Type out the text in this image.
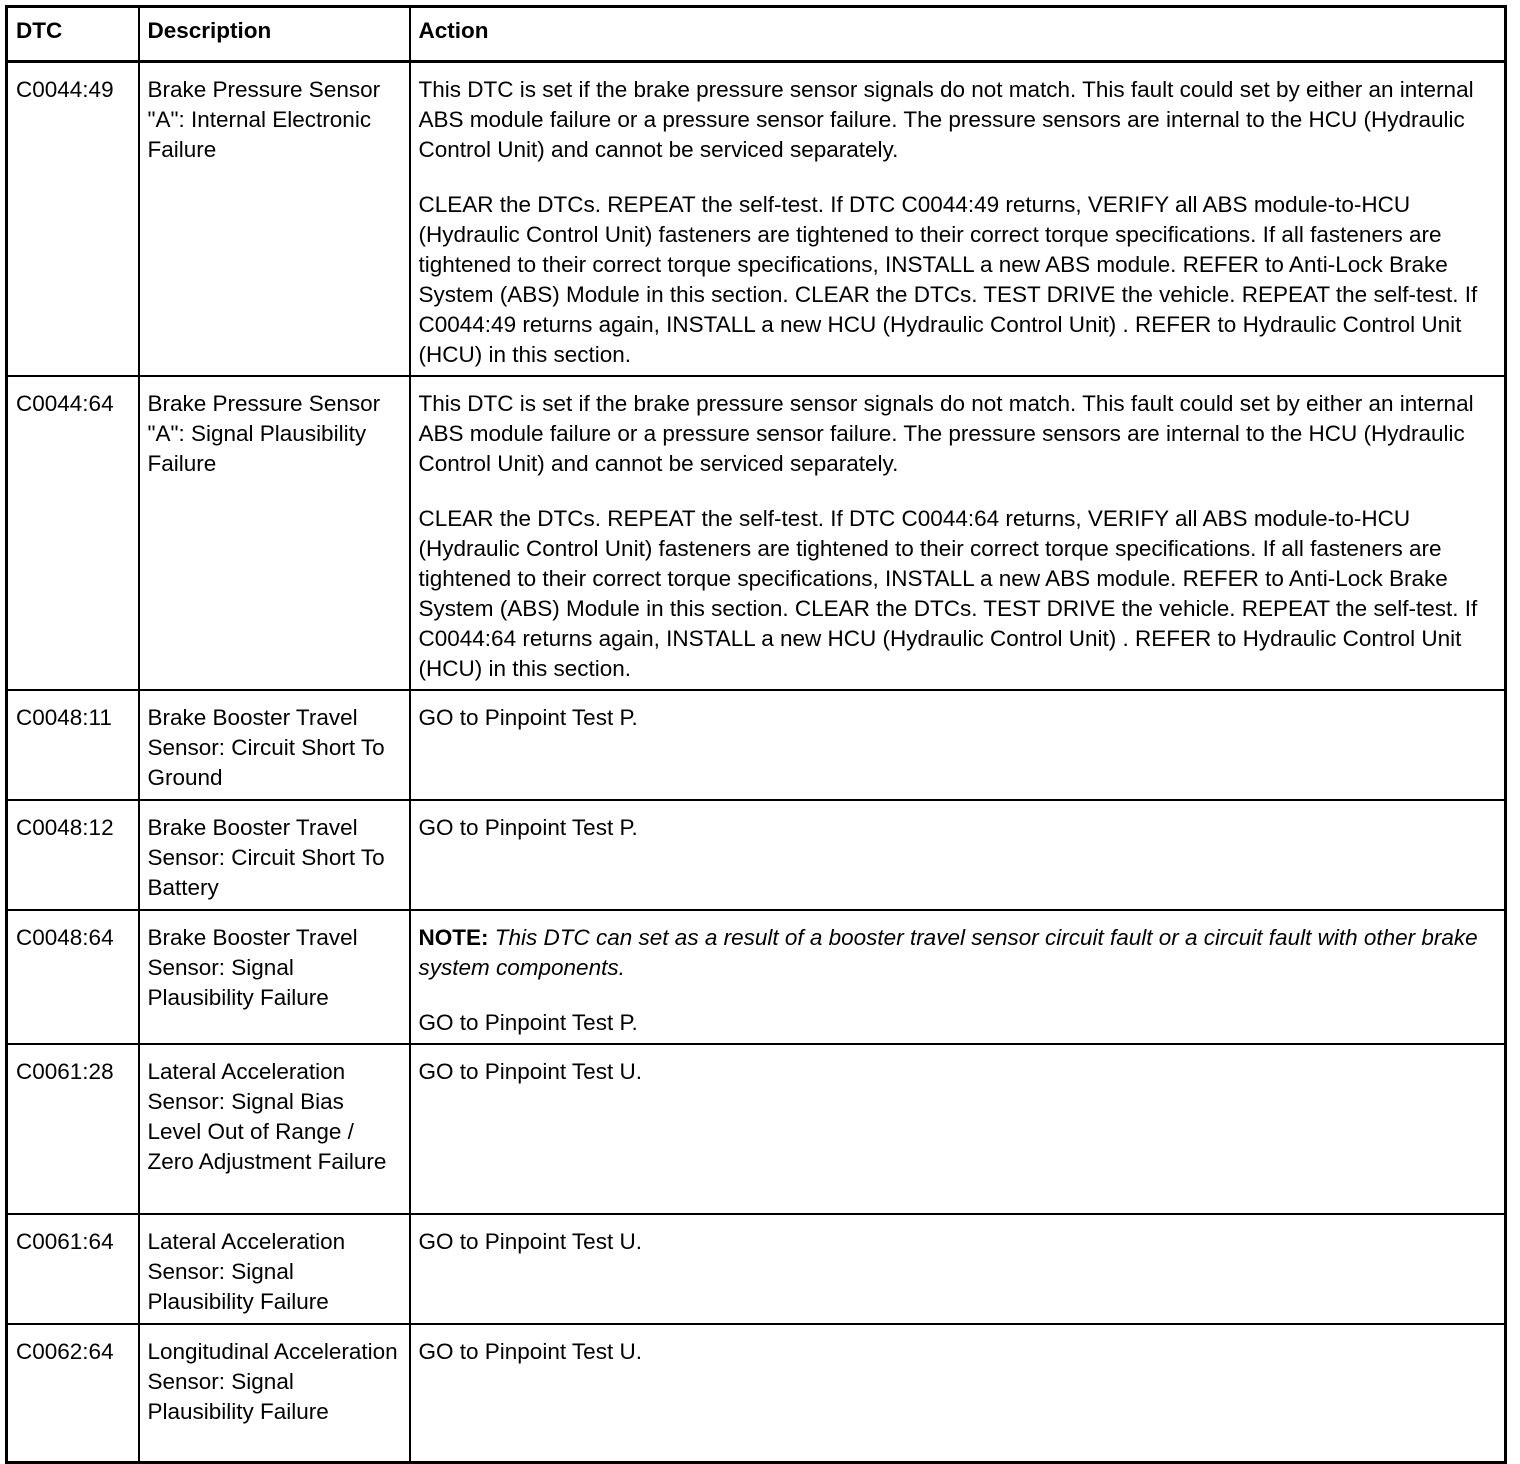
DTC	Description	Action
C0044:49	Brake Pressure Sensor "A": Internal Electronic Failure	This DTC is set if the brake pressure sensor signals do not match. This fault could set by either an internal ABS module failure or a pressure sensor failure. The pressure sensors are internal to the HCU (Hydraulic Control Unit) and cannot be serviced separately.

CLEAR the DTCs. REPEAT the self-test. If DTC C0044:49 returns, VERIFY all ABS module-to-HCU (Hydraulic Control Unit) fasteners are tightened to their correct torque specifications. If all fasteners are tightened to their correct torque specifications, INSTALL a new ABS module. REFER to Anti-Lock Brake System (ABS) Module in this section. CLEAR the DTCs. TEST DRIVE the vehicle. REPEAT the self-test. If C0044:49 returns again, INSTALL a new HCU (Hydraulic Control Unit) . REFER to Hydraulic Control Unit (HCU) in this section.

C0044:64	Brake Pressure Sensor "A": Signal Plausibility Failure	This DTC is set if the brake pressure sensor signals do not match. This fault could set by either an internal ABS module failure or a pressure sensor failure. The pressure sensors are internal to the HCU (Hydraulic Control Unit) and cannot be serviced separately.

CLEAR the DTCs. REPEAT the self-test. If DTC C0044:64 returns, VERIFY all ABS module-to-HCU (Hydraulic Control Unit) fasteners are tightened to their correct torque specifications. If all fasteners are tightened to their correct torque specifications, INSTALL a new ABS module. REFER to Anti-Lock Brake System (ABS) Module in this section. CLEAR the DTCs. TEST DRIVE the vehicle. REPEAT the self-test. If C0044:64 returns again, INSTALL a new HCU (Hydraulic Control Unit) . REFER to Hydraulic Control Unit (HCU) in this section.

C0048:11	Brake Booster Travel Sensor: Circuit Short To Ground	GO to Pinpoint Test P.

C0048:12	Brake Booster Travel Sensor: Circuit Short To Battery	GO to Pinpoint Test P.

C0048:64	Brake Booster Travel Sensor: Signal Plausibility Failure	NOTE: This DTC can set as a result of a booster travel sensor circuit fault or a circuit fault with other brake system components.

GO to Pinpoint Test P.

C0061:28	Lateral Acceleration Sensor: Signal Bias Level Out of Range / Zero Adjustment Failure	GO to Pinpoint Test U.

C0061:64	Lateral Acceleration Sensor: Signal Plausibility Failure	GO to Pinpoint Test U.

C0062:64	Longitudinal Acceleration Sensor: Signal Plausibility Failure	GO to Pinpoint Test U.
